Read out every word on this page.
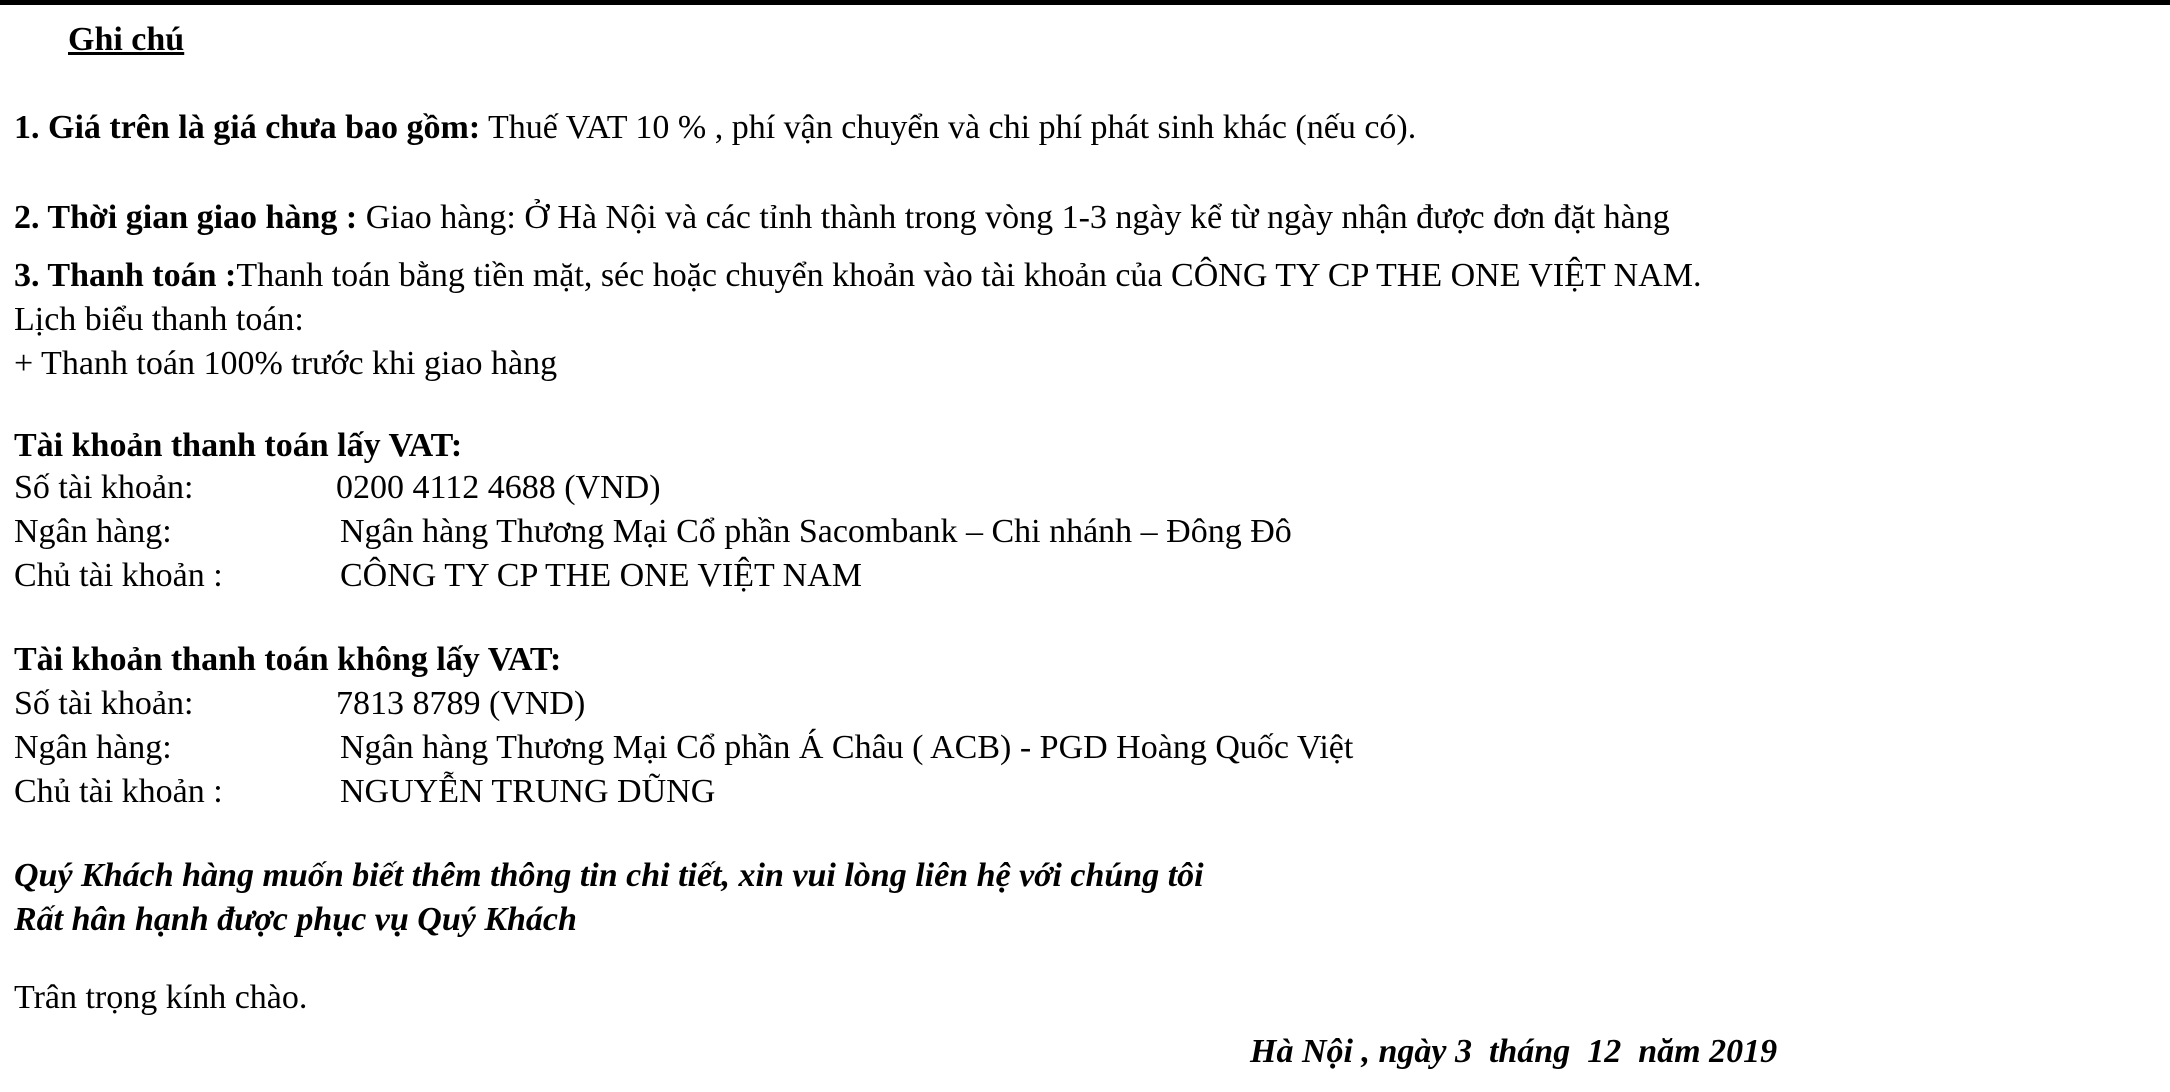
Ghi chú
1. Giá trên là giá chưa bao gồm: Thuế VAT 10 % , phí vận chuyển và chi phí phát sinh khác (nếu có).
2. Thời gian giao hàng : Giao hàng: Ở Hà Nội và các tỉnh thành trong vòng 1-3 ngày kể từ ngày nhận được đơn đặt hàng
3. Thanh toán :Thanh toán bằng tiền mặt, séc hoặc chuyển khoản vào tài khoản của CÔNG TY CP THE ONE VIỆT NAM.
Lịch biểu thanh toán:
+ Thanh toán 100% trước khi giao hàng
Tài khoản thanh toán lấy VAT:
Số tài khoản:	0200 4112 4688 (VND)
Ngân hàng:	Ngân hàng Thương Mại Cổ phần Sacombank – Chi nhánh – Đông Đô
Chủ tài khoản :	CÔNG TY CP THE ONE VIỆT NAM
Tài khoản thanh toán không lấy VAT:
Số tài khoản:	7813 8789 (VND)
Ngân hàng:	Ngân hàng Thương Mại Cổ phần Á Châu ( ACB) - PGD Hoàng Quốc Việt
Chủ tài khoản :	NGUYỄN TRUNG DŨNG
Quý Khách hàng muốn biết thêm thông tin chi tiết, xin vui lòng liên hệ với chúng tôi
Rất hân hạnh được phục vụ Quý Khách
Trân trọng kính chào.
Hà Nội , ngày 3  tháng  12  năm 2019
